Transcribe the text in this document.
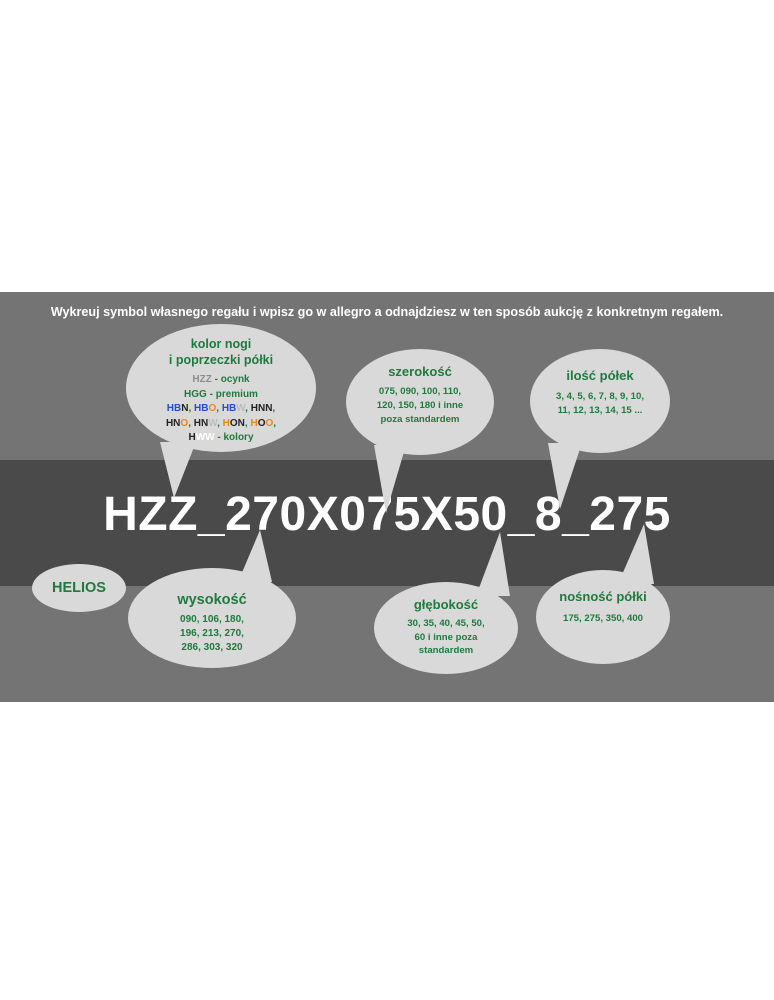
Wykreuj symbol własnego regału i wpisz go w allegro a odnajdziesz w ten sposób aukcję z konkretnym regałem.
HZZ_270X075X50_8_275
kolor nogi
i poprzeczki półki
HZZ - ocynk
HGG - premium
HBN, HBO, HBW, HNN,
HNO, HNW, HON, HOO,
HWW - kolory
szerokość
075, 090, 100, 110,
120, 150, 180 i inne
poza standardem
ilość półek
3, 4, 5, 6, 7, 8, 9, 10,
11, 12, 13, 14, 15 ...
HELIOS
wysokość
090, 106, 180,
196, 213, 270,
286, 303, 320
głębokość
30, 35, 40, 45, 50,
60 i inne poza
standardem
nośność półki
175, 275, 350, 400
